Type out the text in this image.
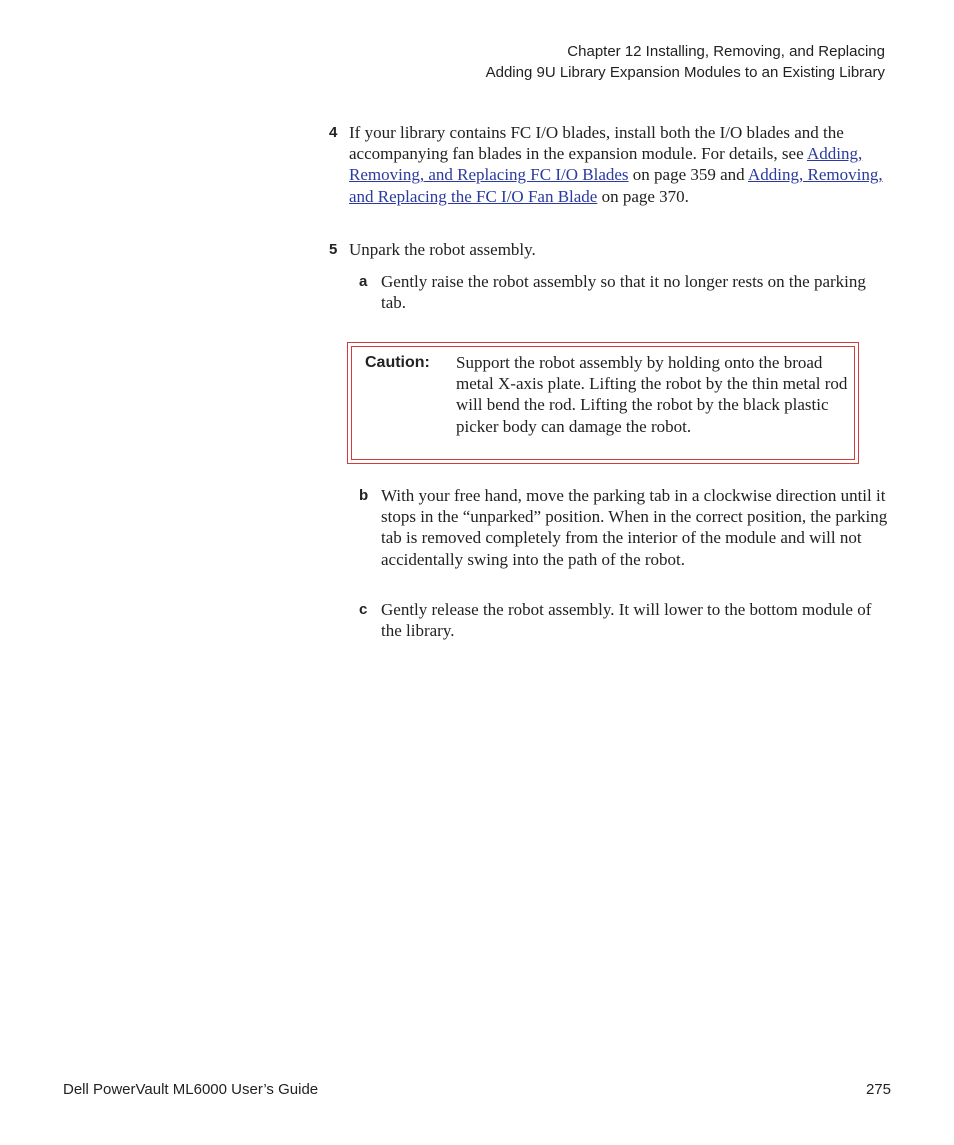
Chapter 12 Installing, Removing, and Replacing
Adding 9U Library Expansion Modules to an Existing Library
4 If your library contains FC I/O blades, install both the I/O blades and the accompanying fan blades in the expansion module. For details, see Adding, Removing, and Replacing FC I/O Blades on page 359 and Adding, Removing, and Replacing the FC I/O Fan Blade on page 370.
5 Unpark the robot assembly.
a Gently raise the robot assembly so that it no longer rests on the parking tab.
Caution: Support the robot assembly by holding onto the broad metal X-axis plate. Lifting the robot by the thin metal rod will bend the rod. Lifting the robot by the black plastic picker body can damage the robot.
b With your free hand, move the parking tab in a clockwise direction until it stops in the “unparked” position. When in the correct position, the parking tab is removed completely from the interior of the module and will not accidentally swing into the path of the robot.
c Gently release the robot assembly. It will lower to the bottom module of the library.
Dell PowerVault ML6000 User’s Guide	275
